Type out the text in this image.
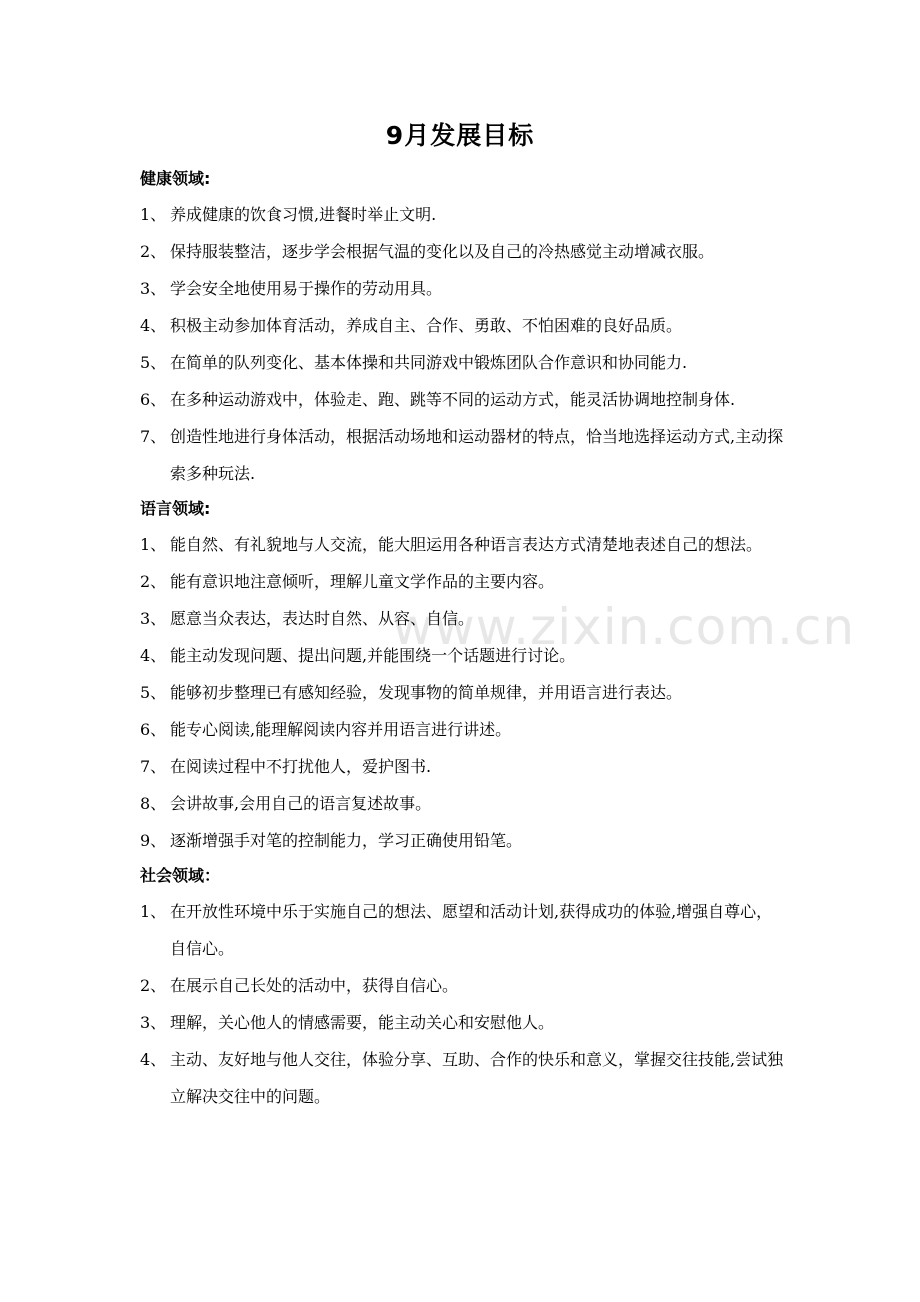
9月发展目标
www.zixin.com.cn
健康领域:
1、 养成健康的饮食习惯,进餐时举止文明.
2、 保持服装整洁，逐步学会根据气温的变化以及自己的冷热感觉主动增减衣服。
3、 学会安全地使用易于操作的劳动用具。
4、 积极主动参加体育活动，养成自主、合作、勇敢、不怕困难的良好品质。
5、 在简单的队列变化、基本体操和共同游戏中锻炼团队合作意识和协同能力.
6、 在多种运动游戏中，体验走、跑、跳等不同的运动方式，能灵活协调地控制身体.
7、 创造性地进行身体活动，根据活动场地和运动器材的特点，恰当地选择运动方式,主动探索多种玩法.
语言领域:
1、 能自然、有礼貌地与人交流，能大胆运用各种语言表达方式清楚地表述自己的想法。
2、 能有意识地注意倾听，理解儿童文学作品的主要内容。
3、 愿意当众表达，表达时自然、从容、自信。
4、 能主动发现问题、提出问题,并能围绕一个话题进行讨论。
5、 能够初步整理已有感知经验，发现事物的简单规律，并用语言进行表达。
6、 能专心阅读,能理解阅读内容并用语言进行讲述。
7、 在阅读过程中不打扰他人，爱护图书.
8、 会讲故事,会用自己的语言复述故事。
9、 逐渐增强手对笔的控制能力，学习正确使用铅笔。
社会领域：
1、 在开放性环境中乐于实施自己的想法、愿望和活动计划,获得成功的体验,增强自尊心，自信心。
2、 在展示自己长处的活动中，获得自信心。
3、 理解，关心他人的情感需要，能主动关心和安慰他人。
4、 主动、友好地与他人交往，体验分享、互助、合作的快乐和意义，掌握交往技能,尝试独立解决交往中的问题。
